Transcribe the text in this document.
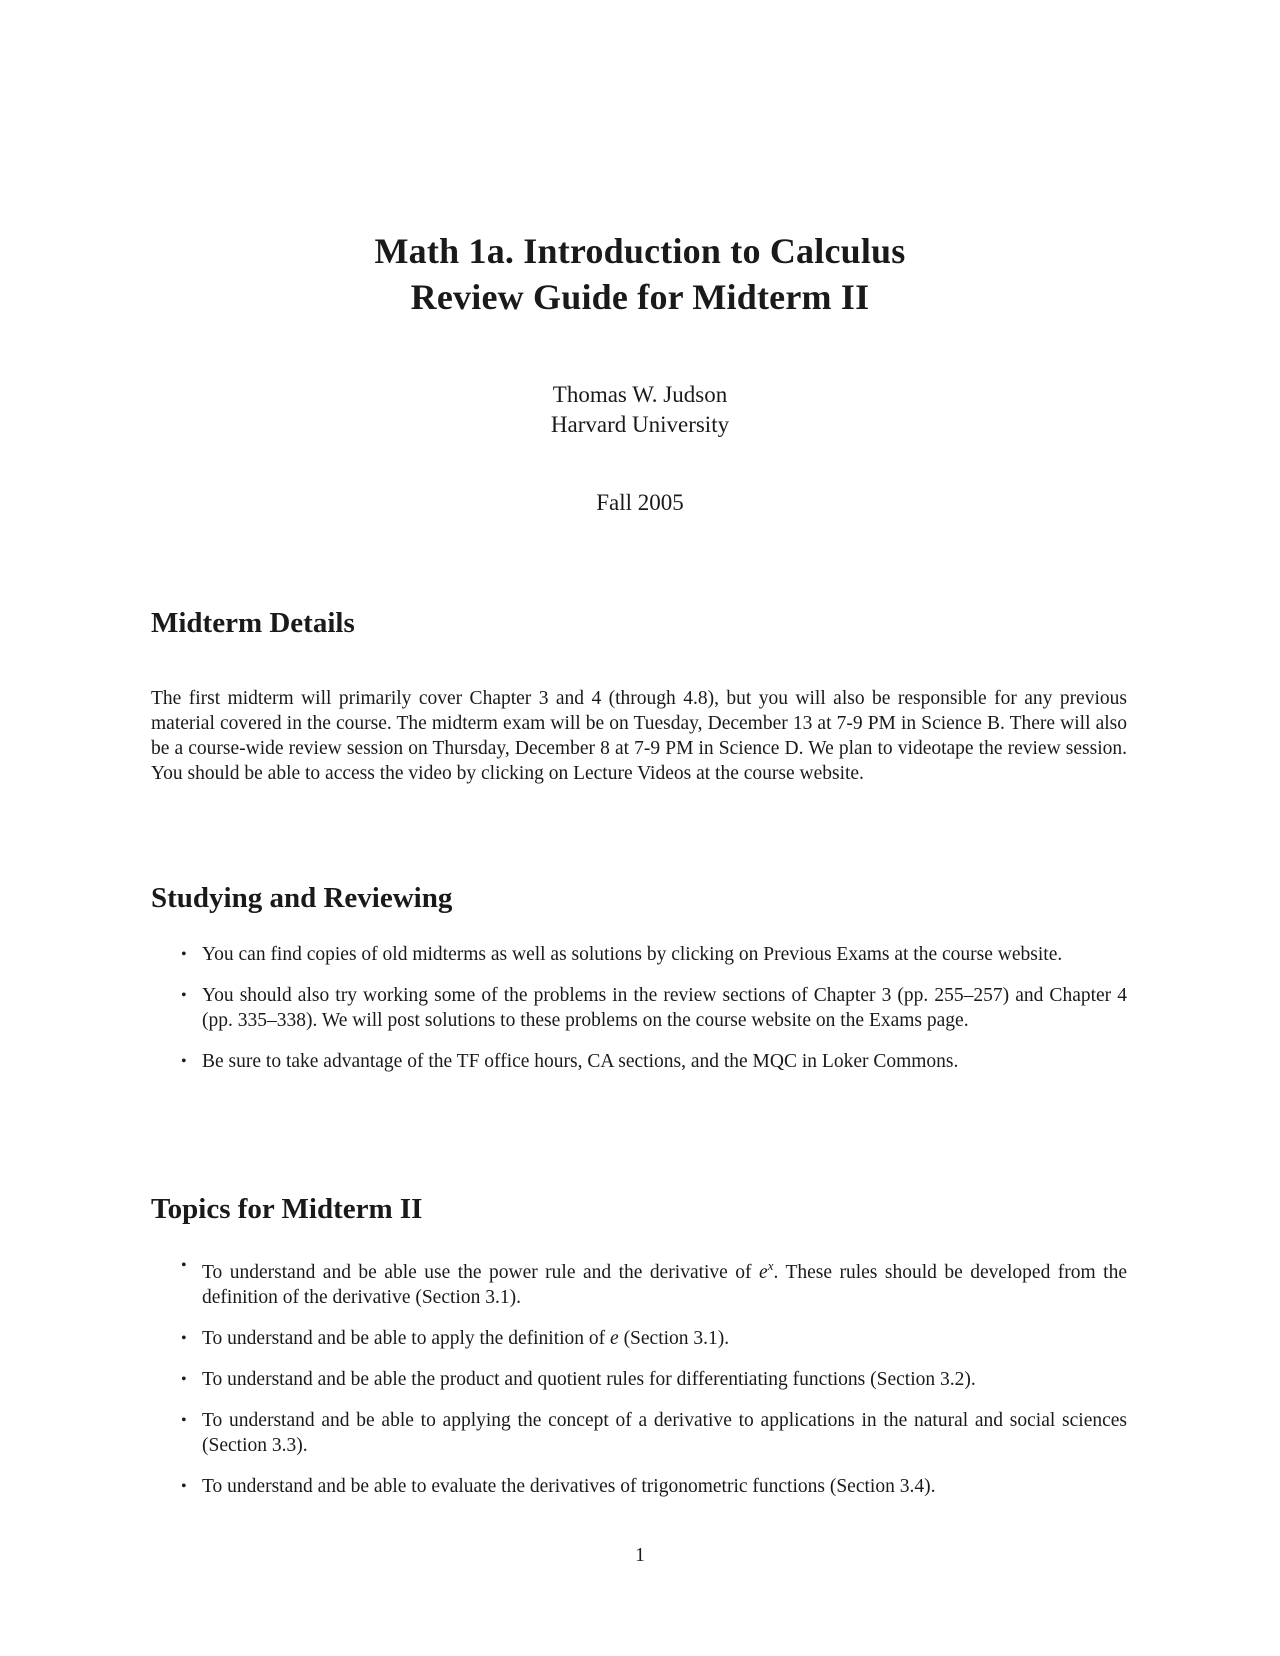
Math 1a. Introduction to Calculus
Review Guide for Midterm II
Thomas W. Judson
Harvard University
Fall 2005
Midterm Details

The first midterm will primarily cover Chapter 3 and 4 (through 4.8), but you will also be responsible for any previous material covered in the course. The midterm exam will be on Tuesday, December 13 at 7-9 PM in Science B. There will also be a course-wide review session on Thursday, December 8 at 7-9 PM in Science D. We plan to videotape the review session. You should be able to access the video by clicking on Lecture Videos at the course website.

Studying and Reviewing
• You can find copies of old midterms as well as solutions by clicking on Previous Exams at the course website.
• You should also try working some of the problems in the review sections of Chapter 3 (pp. 255–257) and Chapter 4 (pp. 335–338). We will post solutions to these problems on the course website on the Exams page.
• Be sure to take advantage of the TF office hours, CA sections, and the MQC in Loker Commons.
Topics for Midterm II
• To understand and be able use the power rule and the derivative of $e^x$. These rules should be developed from the definition of the derivative (Section 3.1).
• To understand and be able to apply the definition of e (Section 3.1).
• To understand and be able the product and quotient rules for differentiating functions (Section 3.2).
• To understand and be able to applying the concept of a derivative to applications in the natural and social sciences (Section 3.3).
• To understand and be able to evaluate the derivatives of trigonometric functions (Section 3.4).
1
